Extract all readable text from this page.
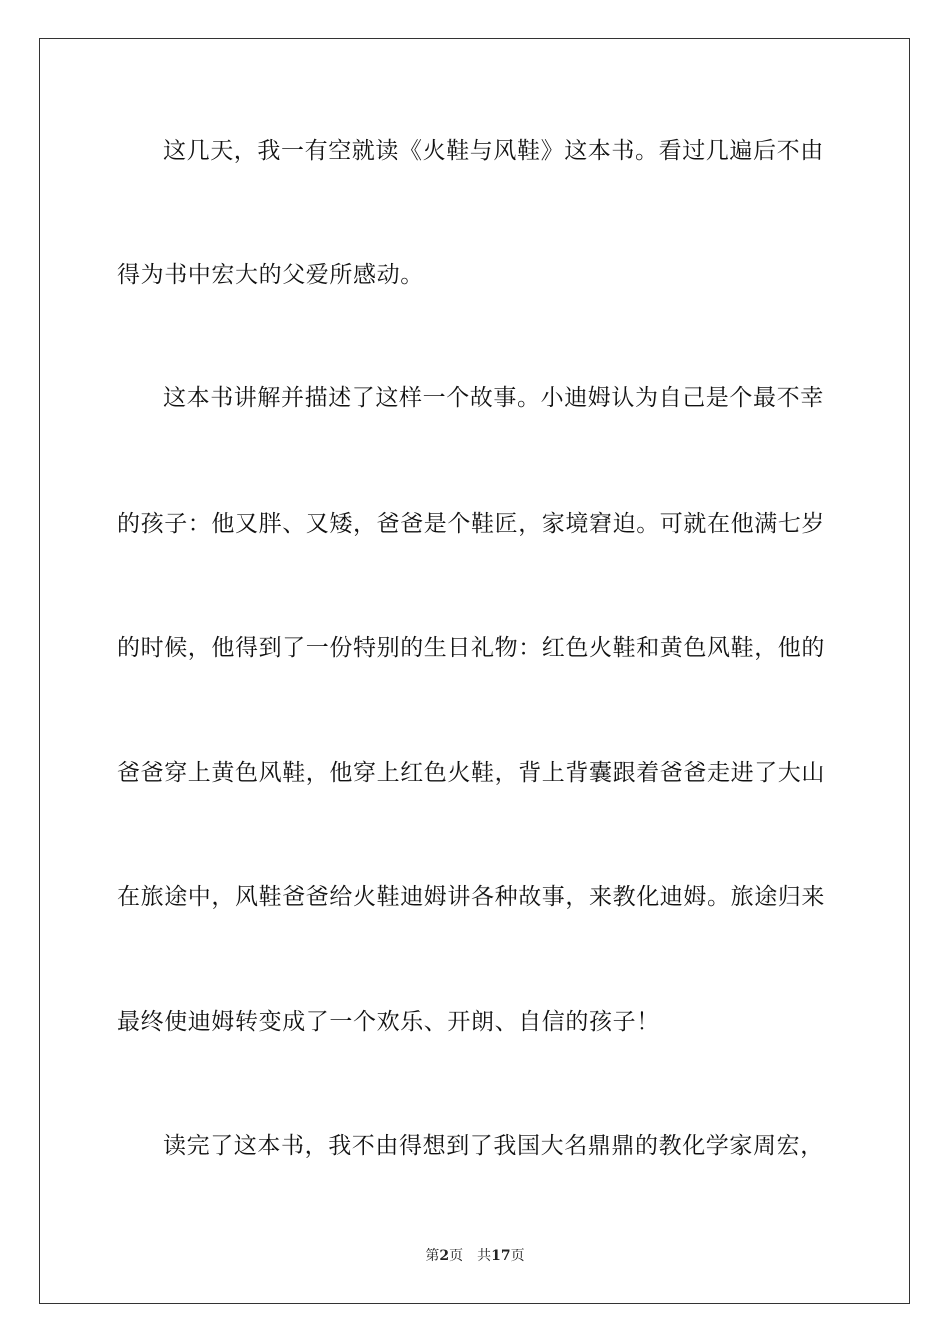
这几天，我一有空就读《火鞋与风鞋》这本书。看过几遍后不由
得为书中宏大的父爱所感动。
这本书讲解并描述了这样一个故事。小迪姆认为自己是个最不幸
的孩子：他又胖、又矮，爸爸是个鞋匠，家境窘迫。可就在他满七岁
的时候，他得到了一份特别的生日礼物：红色火鞋和黄色风鞋，他的
爸爸穿上黄色风鞋，他穿上红色火鞋，背上背囊跟着爸爸走进了大山
在旅途中，风鞋爸爸给火鞋迪姆讲各种故事，来教化迪姆。旅途归来
最终使迪姆转变成了一个欢乐、开朗、自信的孩子！
读完了这本书，我不由得想到了我国大名鼎鼎的教化学家周宏，
第2页 共17页
